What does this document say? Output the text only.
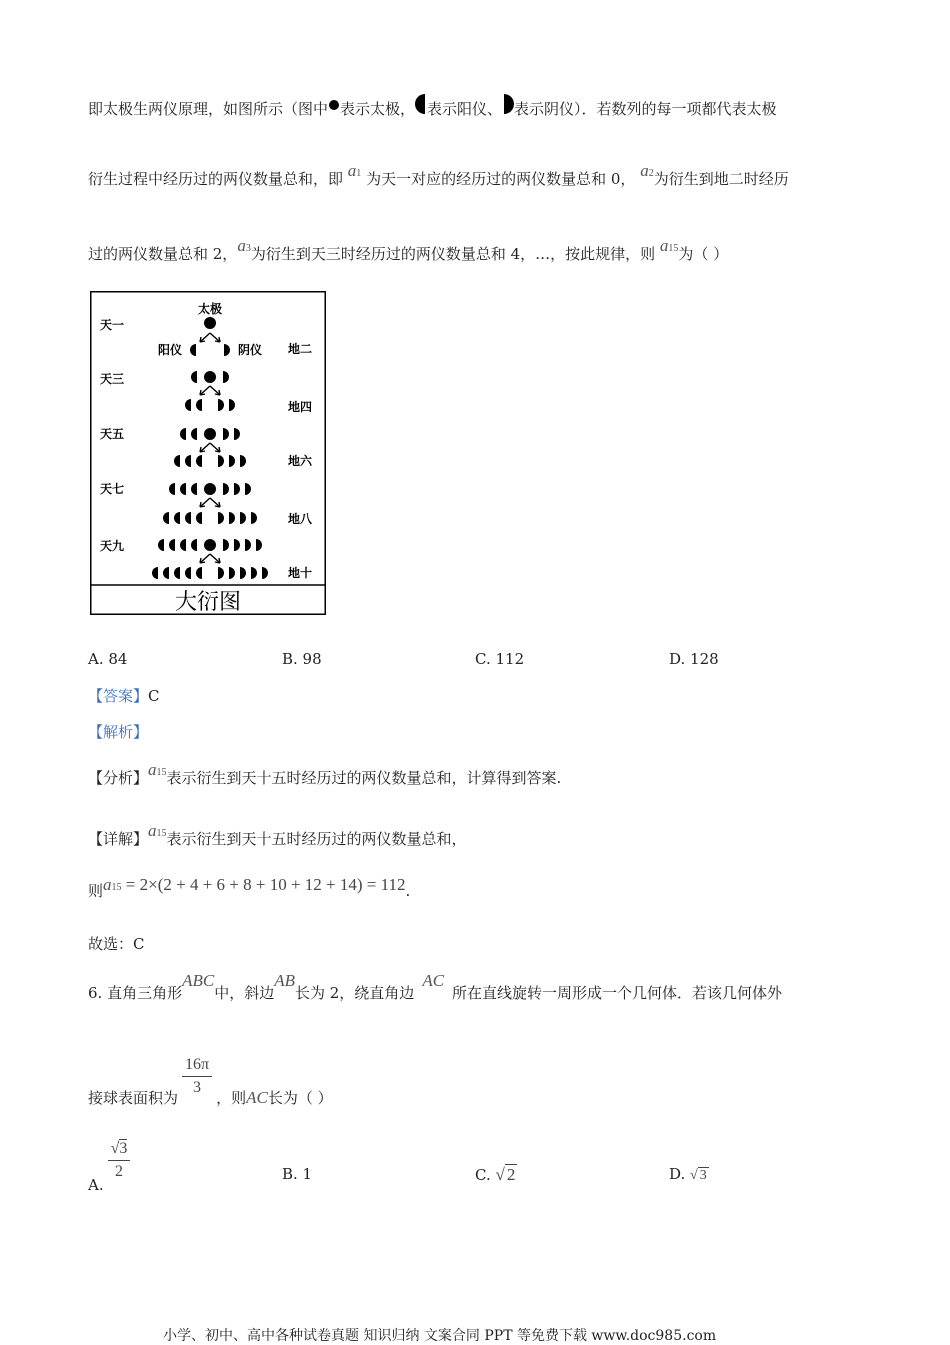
即太极生两仪原理，如图所示（图中 表示太极， 表示阳仪、 表示阴仪）．若数列的每一项都代表太极
衍生过程中经历过的两仪数量总和，即 a1 为天一对应的经历过的两仪数量总和 0， a2为衍生到地二时经历
过的两仪数量总和 2，a3为衍生到天三时经历过的两仪数量总和 4，…，按此规律，则 a15为（ ）
大衍图
太极
阳仪	阴仪
天一
天三
天五
天七
天九
地二
地四
地六
地八
地十
A. 84	B. 98	C. 112	D. 128
【答案】C
【解析】
【分析】a15表示衍生到天十五时经历过的两仪数量总和，计算得到答案.
【详解】a15表示衍生到天十五时经历过的两仪数量总和，
则a15 = 2×(2 + 4 + 6 + 8 + 10 + 12 + 14) = 112.
故选：C
6. 直角三角形ABC中，斜边AB长为 2，绕直角边AC所在直线旋转一周形成一个几何体．若该几何体外
接球表面积为
$\frac{16\pi}{3}$
，则AC长为（ ）
A.
$\frac{√3}{2}$	B. 1	C. √ 2	D. √ 3
小学、初中、高中各种试卷真题 知识归纳 文案合同 PPT 等免费下载 www.doc985.com
